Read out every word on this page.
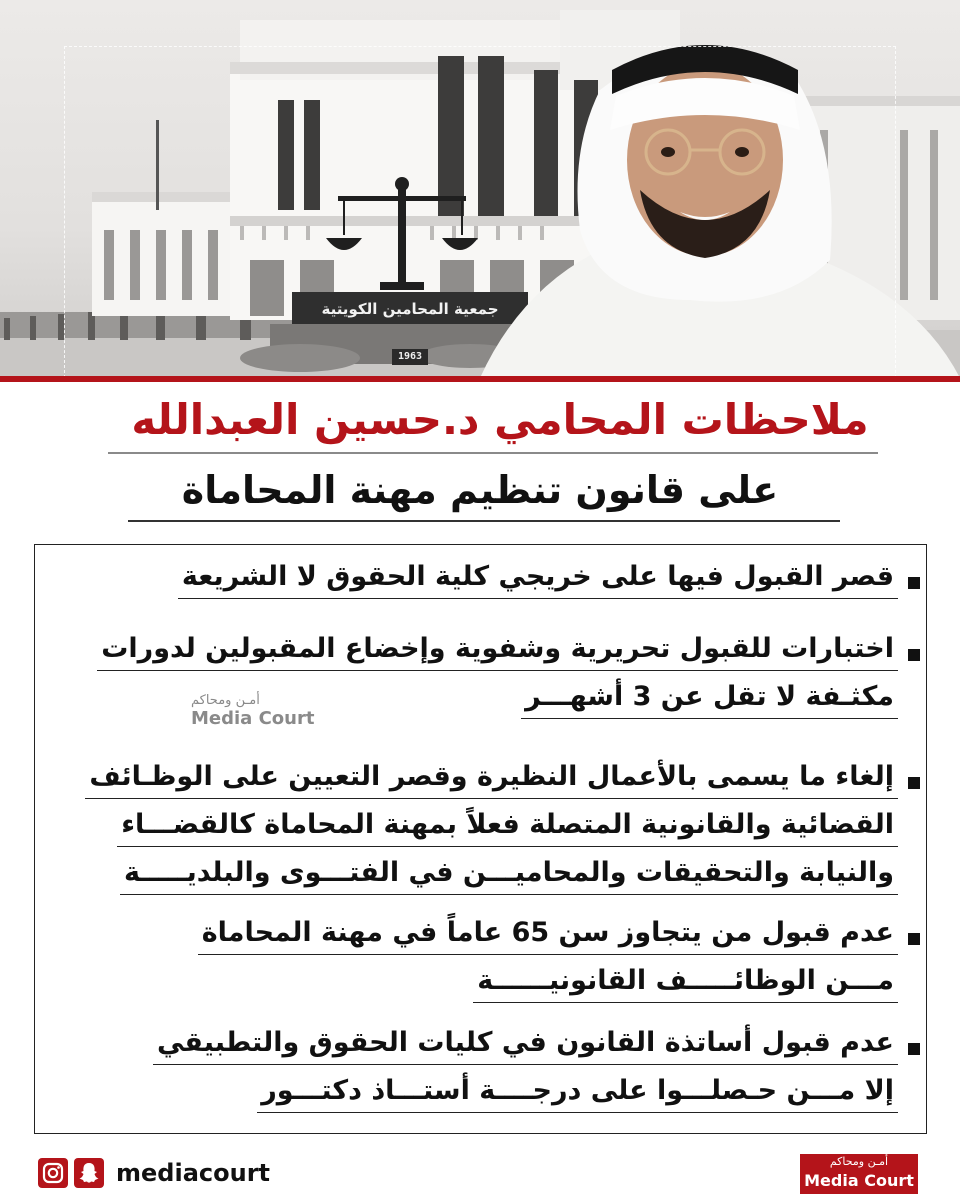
جمعية المحامين الكويتية
1963
ملاحظات المحامي د.حسين العبدالله
على قانون تنظيم مهنة المحاماة
قصر القبول فيها على خريجي كلية الحقوق لا الشريعة
اختبارات للقبول تحريرية وشفوية وإخضاع المقبولين لدورات
مكثـفة لا تقل عن 3 أشهـــر
إلغاء ما يسمى بالأعمال النظيرة وقصر التعيين على الوظـائف
القضائية والقانونية المتصلة فعلاً بمهنة المحاماة كالقضـــاء
والنيابة والتحقيقات والمحاميـــن في الفتـــوى والبلديـــــة
عدم قبول من يتجاوز سن 65 عاماً في مهنة المحاماة
مـــن الوظائـــــف القانونيــــــة
عدم قبول أساتذة القانون في كليات الحقوق والتطبيقي
إلا مـــن حـصلـــوا على درجــــة أستـــاذ دكتـــور
أمـن ومحاكم
Media Court
mediacourt	أمـن ومحاكم
Media Court
